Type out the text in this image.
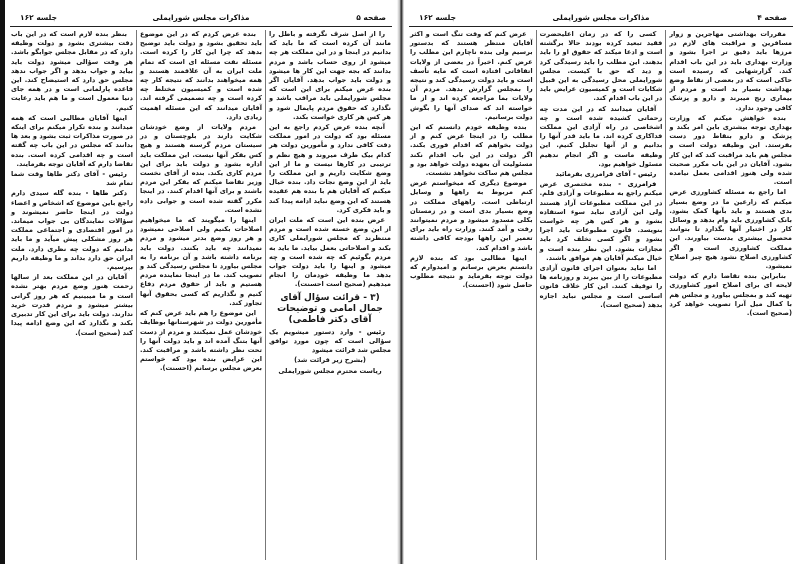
صفحه ۵
مذاکرات مجلس شورایملی
جلسه ۱۶۲

را از اصل شرف نگرفته و باطل را مانند آن کرده است که ما باید که بدانیم در اینجا و در این مملکت هر چه میشود از روی حساب باشد و مردم بدانند که بجه جهت این کار ها میشود و دولت باید جواب بدهد. آقایان اگر بنده عرض میکنم برای این است که مجلس شورایملی باید مراقب باشد و نگذارد که حقوق مردم پایمال شود و هر کس هر کاری خواست بکند.

آنچه بنده عرض کردم راجع به این مسئله بود که دولت در امور مملکت دقت کافی ندارد و مأمورین دولت هر کدام بیک طرف میروند و هیچ نظم و ترتیبی در کارها نیست و ما از این وضع شکایت داریم و این مملکت را باید از این وضع نجات داد. بنده خیال میکنم که آقایان هم با بنده هم عقیده هستند که این وضع نباید ادامه پیدا کند و باید فکری کرد.

عرض بنده این است که ملت ایران از این وضع خسته شده است و مردم منتظرند که مجلس شورایملی کاری بکند و اصلاحاتی بعمل بیاید. ما باید به مردم بگوئیم که چه شده است و چه میشود و اینها را باید دولت جواب بدهد ما وظیفه خودمان را انجام میدهیم (صحیح است احسنت).

(۳ - قرائت سؤال آقای جمال امامی و توضیحات آقای دکتر فاطمی)

رئیس - وارد دستور میشویم یک سؤالی است که چون مورد توافق مجلس شد قرائت میشود

(بشرح زیر قرائت شد)
ریاست محترم مجلس شورایملی

بنده عرض کردم که در این موضوع باید تحقیق بشود و دولت باید توضیح بدهد که چرا این کار را کرده است. مسئله نفت مسئله ای است که تمام ملت ایران به آن علاقمند هستند و همه میخواهند بدانند که نتیجه کار چه شده است و کمیسیون مختلط چه کرده است و چه تصمیمی گرفته اند. آقایان میدانند که این مسئله اهمیت زیادی دارد.

مردم ولایات از وضع خودشان شکایت دارند در بلوچستان و در سیستان مردم گرسنه هستند و هیچ کس بفکر آنها نیست. این مملکت باید اداره بشود و دولت باید برای این مردم کاری بکند. بنده از آقای نخست وزیر تقاضا میکنم که بفکر این مردم باشند و برای آنها اقدام کنند. در اینجا مکرر گفته شده است و جوابی داده نشده است.

اینها را میگویند که ما میخواهیم اصلاحات بکنیم ولی اصلاحی نمیشود و هر روز وضع بدتر میشود و مردم نمیدانند چه باید بکنند. دولت باید برنامه داشته باشد و آن برنامه را به مجلس بیاورد تا مجلس رسیدگی کند و تصویب کند. ما در اینجا نماینده مردم هستیم و باید از حقوق مردم دفاع کنیم و نگذاریم که کسی بحقوق آنها تجاوز کند.

این موضوع را هم باید عرض کنم که مأمورین دولت در شهرستانها بوظایف خودشان عمل نمیکنند و مردم از دست آنها بتنگ آمده اند و باید دولت آنها را تحت نظر داشته باشد و مراقبت کند. این عرایض بنده بود که خواستم بعرض مجلس برسانم (احسنت).

بنظر بنده لازم است که در این باب دقت بیشتری بشود و دولت وظیفه دارد که در مقابل مجلس جوابگو باشد. هر وقت سؤالی میشود دولت باید بیاید و جواب بدهد و اگر جواب ندهد مجلس حق دارد که استیضاح کند. این قاعده پارلمانی است و در همه جای دنیا معمول است و ما هم باید رعایت کنیم.

اینها آقایان مطالبی است که همه میدانند و بنده تکرار میکنم برای اینکه در صورت مذاکرات ثبت بشود و بعد ها بدانند که مجلس در این باب چه گفته است و چه اقدامی کرده است. بنده تقاضا دارم که آقایان توجه بفرمایند.

رئیس - آقای دکتر طاها وقت شما تمام شد

دکتر طاها - بنده گله سیدی دارم راجع باین موضوع که اشخاص و اعضاء دولت در اینجا حاضر نمیشوند و سؤالات نمایندگان بی جواب میماند. در امور اقتصادی و اجتماعی مملکت هر روز مشکلی پیش میآید و ما باید بدانیم که دولت چه نظری دارد. ملت ایران حق دارد بداند و ما وظیفه داریم بپرسیم.

آقایان در این مملکت بعد از سالها زحمت هنوز وضع مردم بهتر نشده است و ما میبینیم که هر روز گرانی بیشتر میشود و مردم قدرت خرید ندارند. دولت باید برای این کار تدبیری بکند و نگذارد که این وضع ادامه پیدا کند (صحیح است).

صفحه ۴
مذاکرات مجلس شورایملی
جلسه ۱۶۲

مقررات بهداشتی مهاجرین و زوار مسافرین و مراقبت های لازم در مرزها باید دقیق تر اجرا بشود و وزارت بهداری باید در این باب اقدام کند. گزارشهایی که رسیده است حاکی است که در بعضی از نقاط وضع بهداشت بسیار بد است و مردم از بیماری رنج میبرند و دارو و پزشک کافی وجود ندارد.

بنده خواهش میکنم که وزارت بهداری توجه بیشتری باین امر بکند و پزشک و دارو بنقاط دور دست بفرستد. این وظیفه دولت است و مجلس هم باید مراقبت کند که این کار بشود. آقایان در این باب مکرر صحبت شده ولی هنوز اقدامی بعمل نیامده است.

اما راجع به مسئله کشاورزی عرض میکنم که زارعین ما در وضع بسیار بدی هستند و باید بآنها کمک بشود. بانک کشاورزی باید وام بدهد و وسائل کار در اختیار آنها بگذارد تا بتوانند محصول بیشتری بدست بیاورند. این مملکت کشاورزی است و اگر کشاورزی اصلاح نشود هیچ چیز اصلاح نمیشود.

بنابراین بنده تقاضا دارم که دولت لایحه ای برای اصلاح امور کشاورزی تهیه کند و بمجلس بیاورد و مجلس هم با کمال میل آنرا تصویب خواهد کرد (صحیح است).

کسی را که در زمان اعلیحضرت فقید تبعید کرده بودند حالا برگشته است و ادعا میکند که حقوق او را باید بدهند. این مطلب را باید رسیدگی کرد و دید که حق با کیست. مجلس شورایملی محل رسیدگی به این قبیل شکایات است و کمیسیون عرایض باید در این باب اقدام کند.

آقایان میدانند که در این مدت چه زحماتی کشیده شده است و چه اشخاصی در راه آزادی این مملکت فداکاری کرده اند. ما باید قدر آنها را بدانیم و از آنها تجلیل کنیم. این وظیفه ماست و اگر انجام ندهیم مسئول خواهیم بود.

رئیس - آقای فرامرزی بفرمائید

فرامرزی - بنده مختصری عرض میکنم راجع به مطبوعات و آزادی قلم. در این مملکت مطبوعات آزاد هستند ولی این آزادی نباید سوء استفاده بشود و هر کس هر چه خواست بنویسد. قانون مطبوعات باید اجرا بشود و اگر کسی تخلف کرد باید مجازات بشود. این نظر بنده است و خیال میکنم آقایان هم موافق باشند.

اما نباید بعنوان اجرای قانون آزادی مطبوعات را از بین ببرند و روزنامه ها را توقیف کنند. این کار خلاف قانون اساسی است و مجلس نباید اجازه بدهد (صحیح است).

عرض کنم که وقت تنگ است و اکثر آقایان منتظر هستند که بدستور برسیم ولی بنده ناچارم این مطلب را عرض کنم. اخیراً در بعضی از ولایات اتفاقاتی افتاده است که مایه تأسف است و باید دولت رسیدگی کند و نتیجه را بمجلس گزارش بدهد. مردم آن ولایات بما مراجعه کرده اند و از ما خواسته اند که صدای آنها را بگوش دولت برسانیم.

بنده وظیفه خودم دانستم که این مطلب را در اینجا عرض کنم و از دولت بخواهم که اقدام فوری بکند. اگر دولت در این باب اقدام نکند مسئولیت آن بعهده دولت خواهد بود و مجلس هم ساکت نخواهد نشست.

موضوع دیگری که میخواستم عرض کنم مربوط به راهها و وسایل ارتباطی است. راههای مملکت در وضع بسیار بدی است و در زمستان بکلی مسدود میشود و مردم نمیتوانند رفت و آمد کنند. وزارت راه باید برای تعمیر این راهها بودجه کافی داشته باشد و اقدام کند.

اینها مطالبی بود که بنده لازم دانستم بعرض برسانم و امیدوارم که دولت توجه بفرماید و نتیجه مطلوب حاصل شود (احسنت).
